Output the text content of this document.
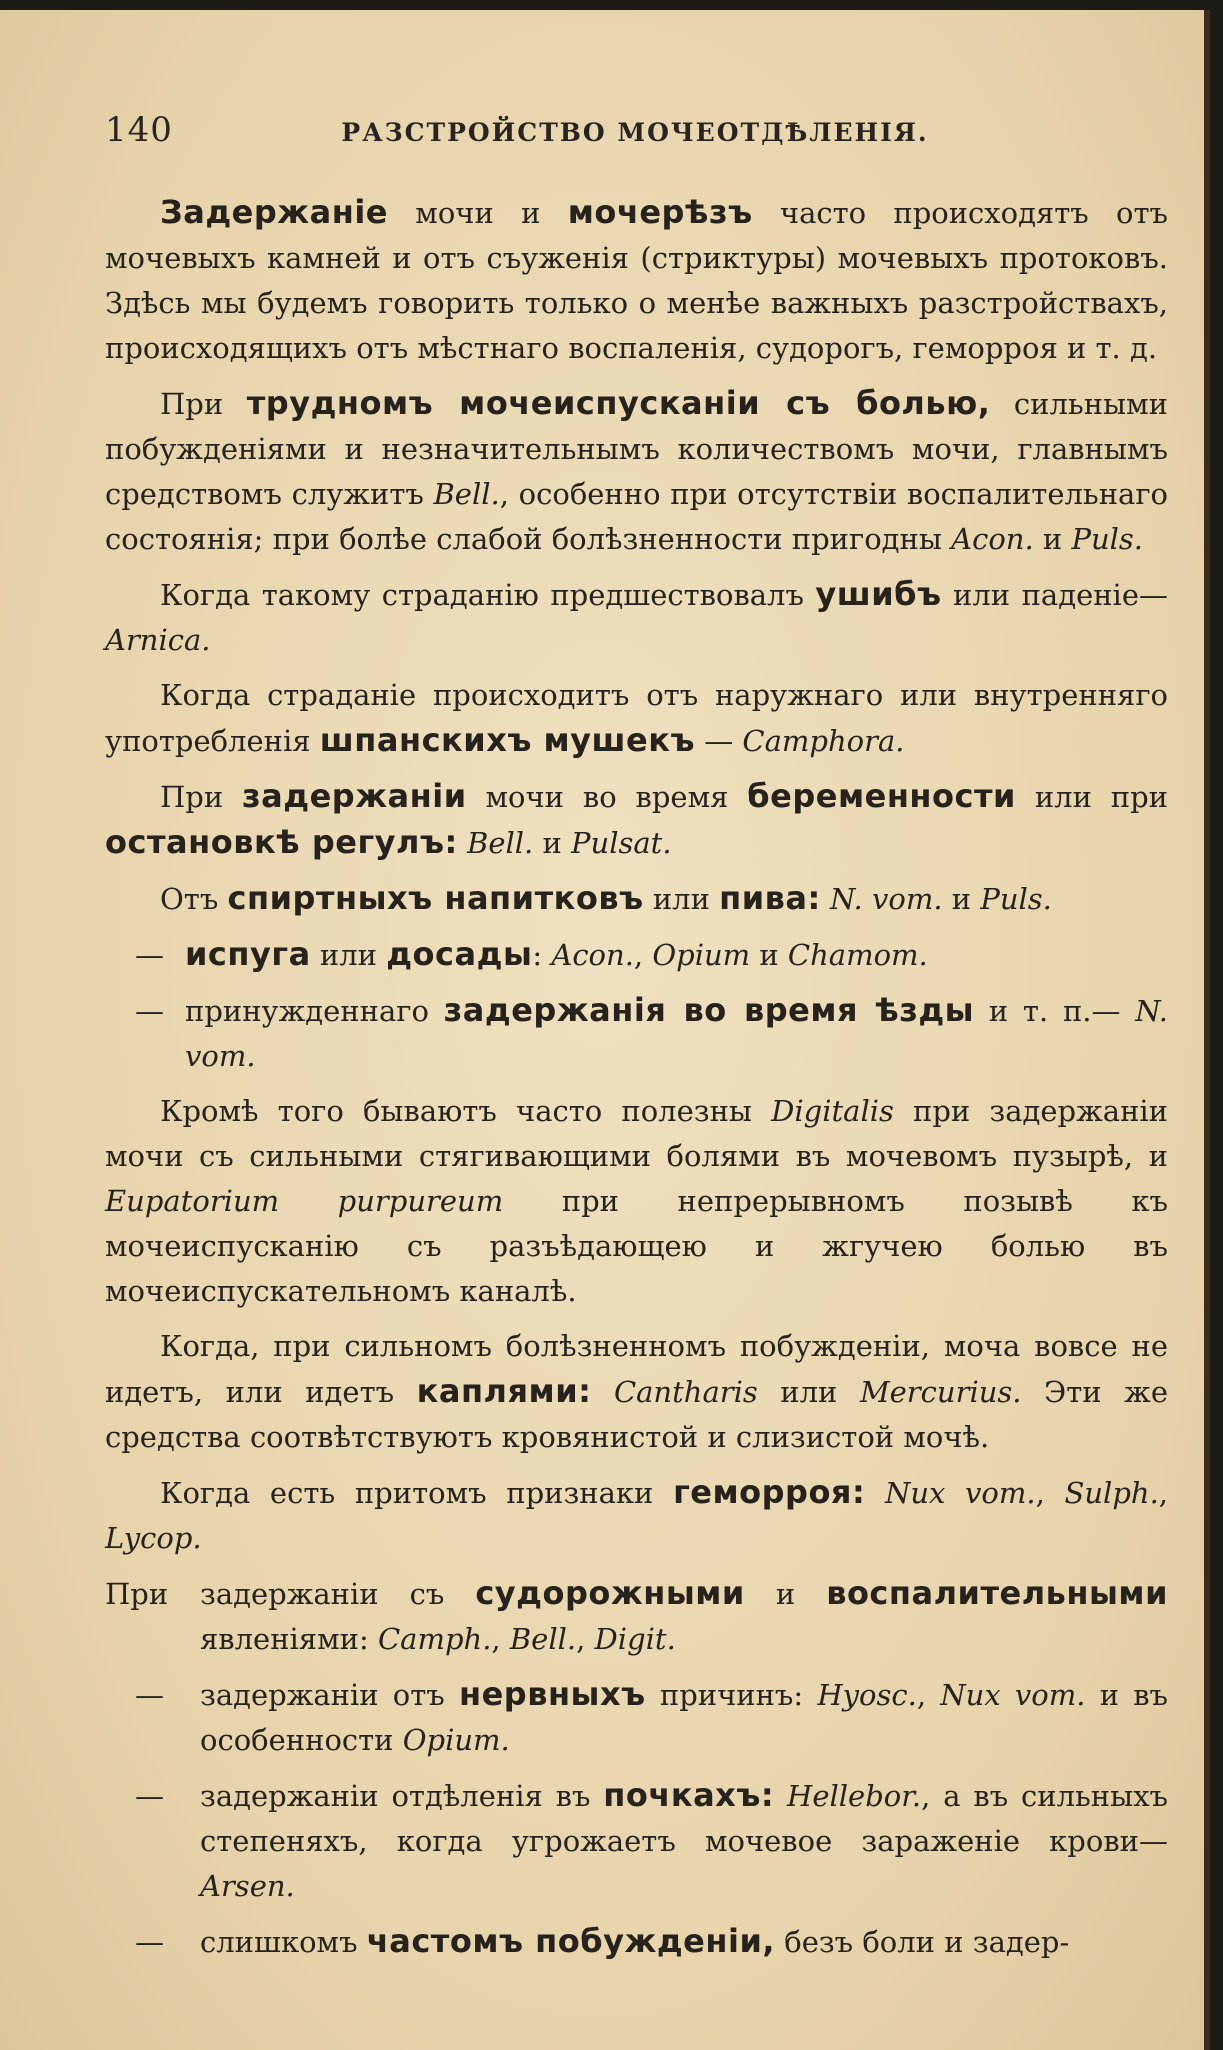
140	РАЗСТРОЙСТВО МОЧЕОТДѢЛЕНІЯ.

Задержаніе мочи и мочерѣзъ часто происходятъ отъ мочевыхъ камней и отъ съуженія (стриктуры) мочевыхъ протоковъ. Здѣсь мы будемъ говорить только о менѣе важныхъ разстройствахъ, происходящихъ отъ мѣстнаго воспаленія, судорогъ, геморроя и т. д.

При трудномъ мочеиспусканіи съ болью, сильными побужденіями и незначительнымъ количествомъ мочи, главнымъ средствомъ служитъ Bell., особенно при отсутствіи воспалительнаго состоянія; при болѣе слабой болѣзненности пригодны Acon. и Puls.

Когда такому страданію предшествовалъ ушибъ или паденіе—Arnica.

Когда страданіе происходитъ отъ наружнаго или внутренняго употребленія шпанскихъ мушекъ — Camphora.

При задержаніи мочи во время беременности или при остановкѣ регулъ: Bell. и Pulsat.

Отъ спиртныхъ напитковъ или пива: N. vom. и Puls.

— испуга или досады: Acon., Opium и Chamom.

— принужденнаго задержанія во время ѣзды и т. п.— N. vom.

Кромѣ того бываютъ часто полезны Digitalis при задержаніи мочи съ сильными стягивающими болями въ мочевомъ пузырѣ, и Eupatorium purpureum при непрерывномъ позывѣ къ мочеиспусканію съ разъѣдающею и жгучею болью въ мочеиспускательномъ каналѣ.

Когда, при сильномъ болѣзненномъ побужденіи, моча вовсе не идетъ, или идетъ каплями: Cantharis или Mercurius. Эти же средства соотвѣтствуютъ кровянистой и слизистой мочѣ.

Когда есть притомъ признаки геморроя: Nux vom., Sulph., Lycop.

При задержаніи съ судорожными и воспалительными явленіями: Camph., Bell., Digit.

— задержаніи отъ нервныхъ причинъ: Hyosc., Nux vom. и въ особенности Opium.

— задержаніи отдѣленія въ почкахъ: Hellebor., а въ сильныхъ степеняхъ, когда угрожаетъ мочевое зараженіе крови— Arsen.

— слишкомъ частомъ побужденіи, безъ боли и задер-
